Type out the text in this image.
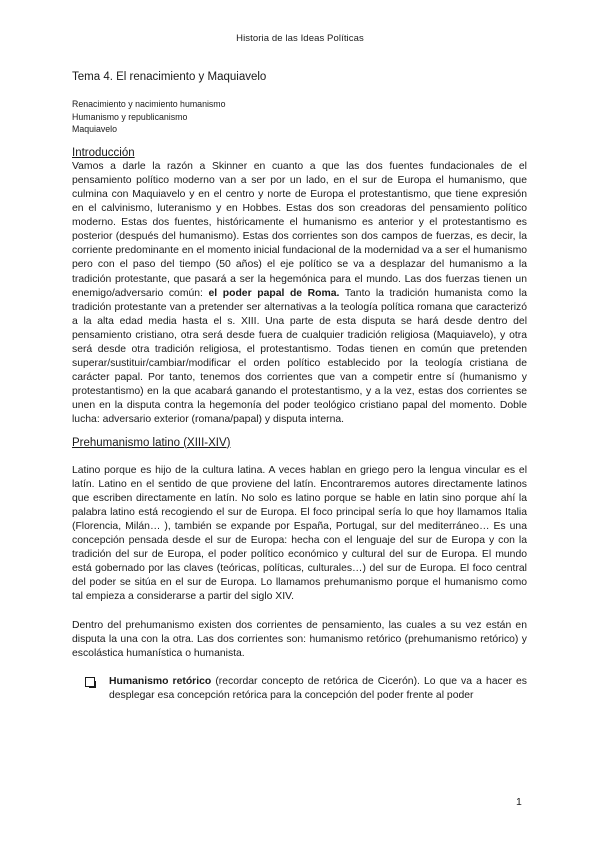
Historia de las Ideas Políticas

Tema 4. El renacimiento y Maquiavelo

Renacimiento y nacimiento humanismo
Humanismo y republicanismo
Maquiavelo

Introducción

Vamos a darle la razón a Skinner en cuanto a que las dos fuentes fundacionales de el pensamiento político moderno van a ser por un lado, en el sur de Europa el humanismo, que culmina con Maquiavelo y en el centro y norte de Europa el protestantismo, que tiene expresión en el calvinismo, luteranismo y en Hobbes. Estas dos son creadoras del pensamiento político moderno. Estas dos fuentes, históricamente el humanismo es anterior y el protestantismo es posterior (después del humanismo). Estas dos corrientes son dos campos de fuerzas, es decir, la corriente predominante en el momento inicial fundacional de la modernidad va a ser el humanismo pero con el paso del tiempo (50 años) el eje político se va a desplazar del humanismo a la tradición protestante, que pasará a ser la hegemónica para el mundo. Las dos fuerzas tienen un enemigo/adversario común: el poder papal de Roma. Tanto la tradición humanista como la tradición protestante van a pretender ser alternativas a la teología política romana que caracterizó a la alta edad media hasta el s. XIII. Una parte de esta disputa se hará desde dentro del pensamiento cristiano, otra será desde fuera de cualquier tradición religiosa (Maquiavelo), y otra será desde otra tradición religiosa, el protestantismo. Todas tienen en común que pretenden superar/sustituir/cambiar/modificar el orden político establecido por la teología cristiana de carácter papal. Por tanto, tenemos dos corrientes que van a competir entre sí (humanismo y protestantismo) en la que acabará ganando el protestantismo, y a la vez, estas dos corrientes se unen en la disputa contra la hegemonía del poder teológico cristiano papal del momento. Doble lucha: adversario exterior (romana/papal) y disputa interna.

Prehumanismo latino (XIII-XIV)

Latino porque es hijo de la cultura latina. A veces hablan en griego pero la lengua vincular es el latín. Latino en el sentido de que proviene del latín. Encontraremos autores directamente latinos que escriben directamente en latín. No solo es latino porque se hable en latin sino porque ahí la palabra latino está recogiendo el sur de Europa. El foco principal sería lo que hoy llamamos Italia (Florencia, Milán… ), también se expande por España, Portugal, sur del mediterráneo… Es una concepción pensada desde el sur de Europa: hecha con el lenguaje del sur de Europa y con la tradición del sur de Europa, el poder político económico y cultural del sur de Europa. El mundo está gobernado por las claves (teóricas, políticas, culturales…) del sur de Europa. El foco central del poder se sitúa en el sur de Europa. Lo llamamos prehumanismo porque el humanismo como tal empieza a considerarse a partir del siglo XIV.

Dentro del prehumanismo existen dos corrientes de pensamiento, las cuales a su vez están en disputa la una con la otra. Las dos corrientes son: humanismo retórico (prehumanismo retórico) y escolástica humanística o humanista.

Humanismo retórico (recordar concepto de retórica de Cicerón). Lo que va a hacer es desplegar esa concepción retórica para la concepción del poder frente al poder

1
